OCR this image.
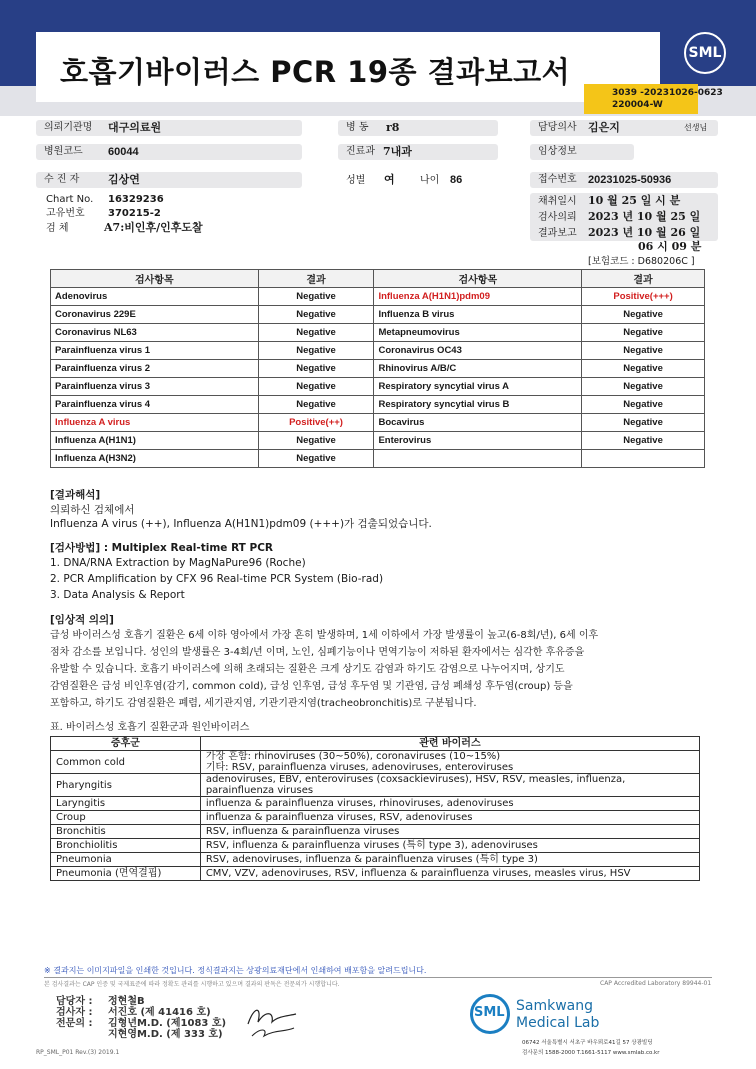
호흡기바이러스 PCR 19종 결과보고서
SML
3039 -20231026-0623
220004-W
의뢰기관명	대구의료원	병 동	r8	담당의사	김은지	선생님
병원코드	60044	진료과 7내과	임상정보
수 진 자	김상연	성별 여	나이 86	접수번호	20231025-50936
Chart No. 16329236
고유번호 370215-2
검 체	A7:비인후/인후도찰
채취일시 10 월 25 일 시 분
검사의뢰 2023 년 10 월 25 일
결과보고 2023 년 10 월 26 일
06 시 09 분
[보험코드 : D680206C ]
검사항목	결과	검사항목	결과
Adenovirus	Negative	Influenza A(H1N1)pdm09	Positive(+++)
Coronavirus 229E	Negative	Influenza B virus	Negative
Coronavirus NL63	Negative	Metapneumovirus	Negative
Parainfluenza virus 1	Negative	Coronavirus OC43	Negative
Parainfluenza virus 2	Negative	Rhinovirus A/B/C	Negative
Parainfluenza virus 3	Negative	Respiratory syncytial virus A	Negative
Parainfluenza virus 4	Negative	Respiratory syncytial virus B	Negative
Influenza A virus	Positive(++)	Bocavirus	Negative
Influenza A(H1N1)	Negative	Enterovirus	Negative
Influenza A(H3N2)	Negative		
[결과해석]
의뢰하신 검체에서
Influenza A virus (++), Influenza A(H1N1)pdm09 (+++)가 검출되었습니다.
[검사방법] : Multiplex Real-time RT PCR
1. DNA/RNA Extraction by MagNaPure96 (Roche)
2. PCR Amplification by CFX 96 Real-time PCR System (Bio-rad)
3. Data Analysis & Report
[임상적 의의]
급성 바이러스성 호흡기 질환은 6세 이하 영아에서 가장 흔히 발생하며, 1세 이하에서 가장 발생률이 높고(6-8회/년), 6세 이후
점차 감소를 보입니다. 성인의 발생률은 3-4회/년 이며, 노인, 심폐기능이나 면역기능이 저하된 환자에서는 심각한 후유증을
유발할 수 있습니다. 호흡기 바이러스에 의해 초래되는 질환은 크게 상기도 감염과 하기도 감염으로 나누어지며, 상기도
감염질환은 급성 비인후염(감기, common cold), 급성 인후염, 급성 후두염 및 기관염, 급성 폐쇄성 후두염(croup) 등을
포함하고, 하기도 감염질환은 폐렴, 세기관지염, 기관기관지염(tracheobronchitis)로 구분됩니다.
표. 바이러스성 호흡기 질환군과 원인바이러스
증후군	관련 바이러스
Common cold	가장 흔함: rhinoviruses (30~50%), coronaviruses (10~15%)
기타: RSV, parainfluenza viruses, adenoviruses, enteroviruses

Pharyngitis	adenoviruses, EBV, enteroviruses (coxsackieviruses), HSV, RSV, measles, influenza,
parainfluenza viruses

Laryngitis	influenza & parainfluenza viruses, rhinoviruses, adenoviruses

Croup	influenza & parainfluenza viruses, RSV, adenoviruses

Bronchitis	RSV, influenza & parainfluenza viruses

Bronchiolitis	RSV, influenza & parainfluenza viruses (특히 type 3), adenoviruses

Pneumonia	RSV, adenoviruses, influenza & parainfluenza viruses (특히 type 3)

Pneumonia (면역결핍)	CMV, VZV, adenoviruses, RSV, influenza & parainfluenza viruses, measles virus, HSV
※ 결과지는 이미지파일을 인쇄한 것입니다. 정식결과지는 상광의료재단에서 인쇄하여 배포함을 알려드립니다.
본 검사결과는 CAP 인증 및 국제표준에 따라 정확도 관리를 시행하고 있으며 결과의 판독은 전문의가 시행합니다.	CAP Accredited Laboratory 89944-01
담당자 : 정현철B
검사자 : 서진호 (제 41416 호)
전문의 : 김형년M.D. (제1083 호)
지현영M.D. (제 333 호)
SML Samkwang
Medical Lab
06742 서울특별시 서초구 바우뫼로41길 57 상광빌딩
검사문의 1588-2000 T.1661-5117 www.smlab.co.kr
RP_SML_P01 Rev.(3) 2019.1
